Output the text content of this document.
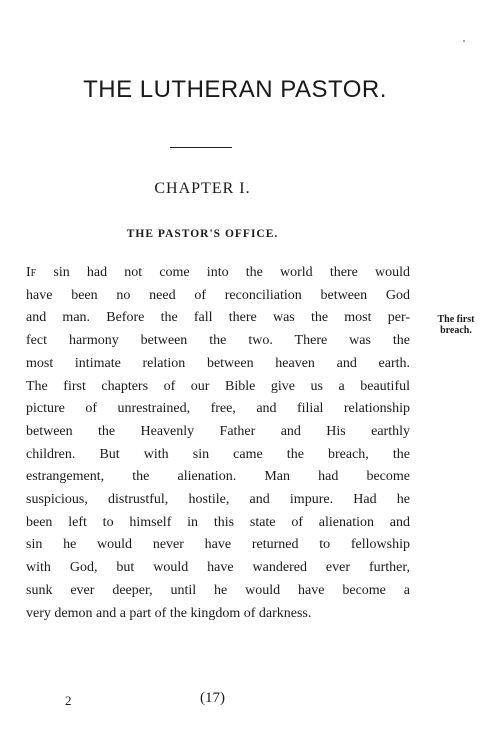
THE LUTHERAN PASTOR.
CHAPTER I.
THE PASTOR'S OFFICE.
If sin had not come into the world there would
have been no need of reconciliation between God
and man. Before the fall there was the most per-
fect harmony between the two. There was the
most intimate relation between heaven and earth.
The first chapters of our Bible give us a beautiful
picture of unrestrained, free, and filial relationship
between the Heavenly Father and His earthly
children. But with sin came the breach, the
estrangement, the alienation. Man had become
suspicious, distrustful, hostile, and impure. Had he
been left to himself in this state of alienation and
sin he would never have returned to fellowship
with God, but would have wandered ever further,
sunk ever deeper, until he would have become a
very demon and a part of the kingdom of darkness.
The first breach.
2	(17)
